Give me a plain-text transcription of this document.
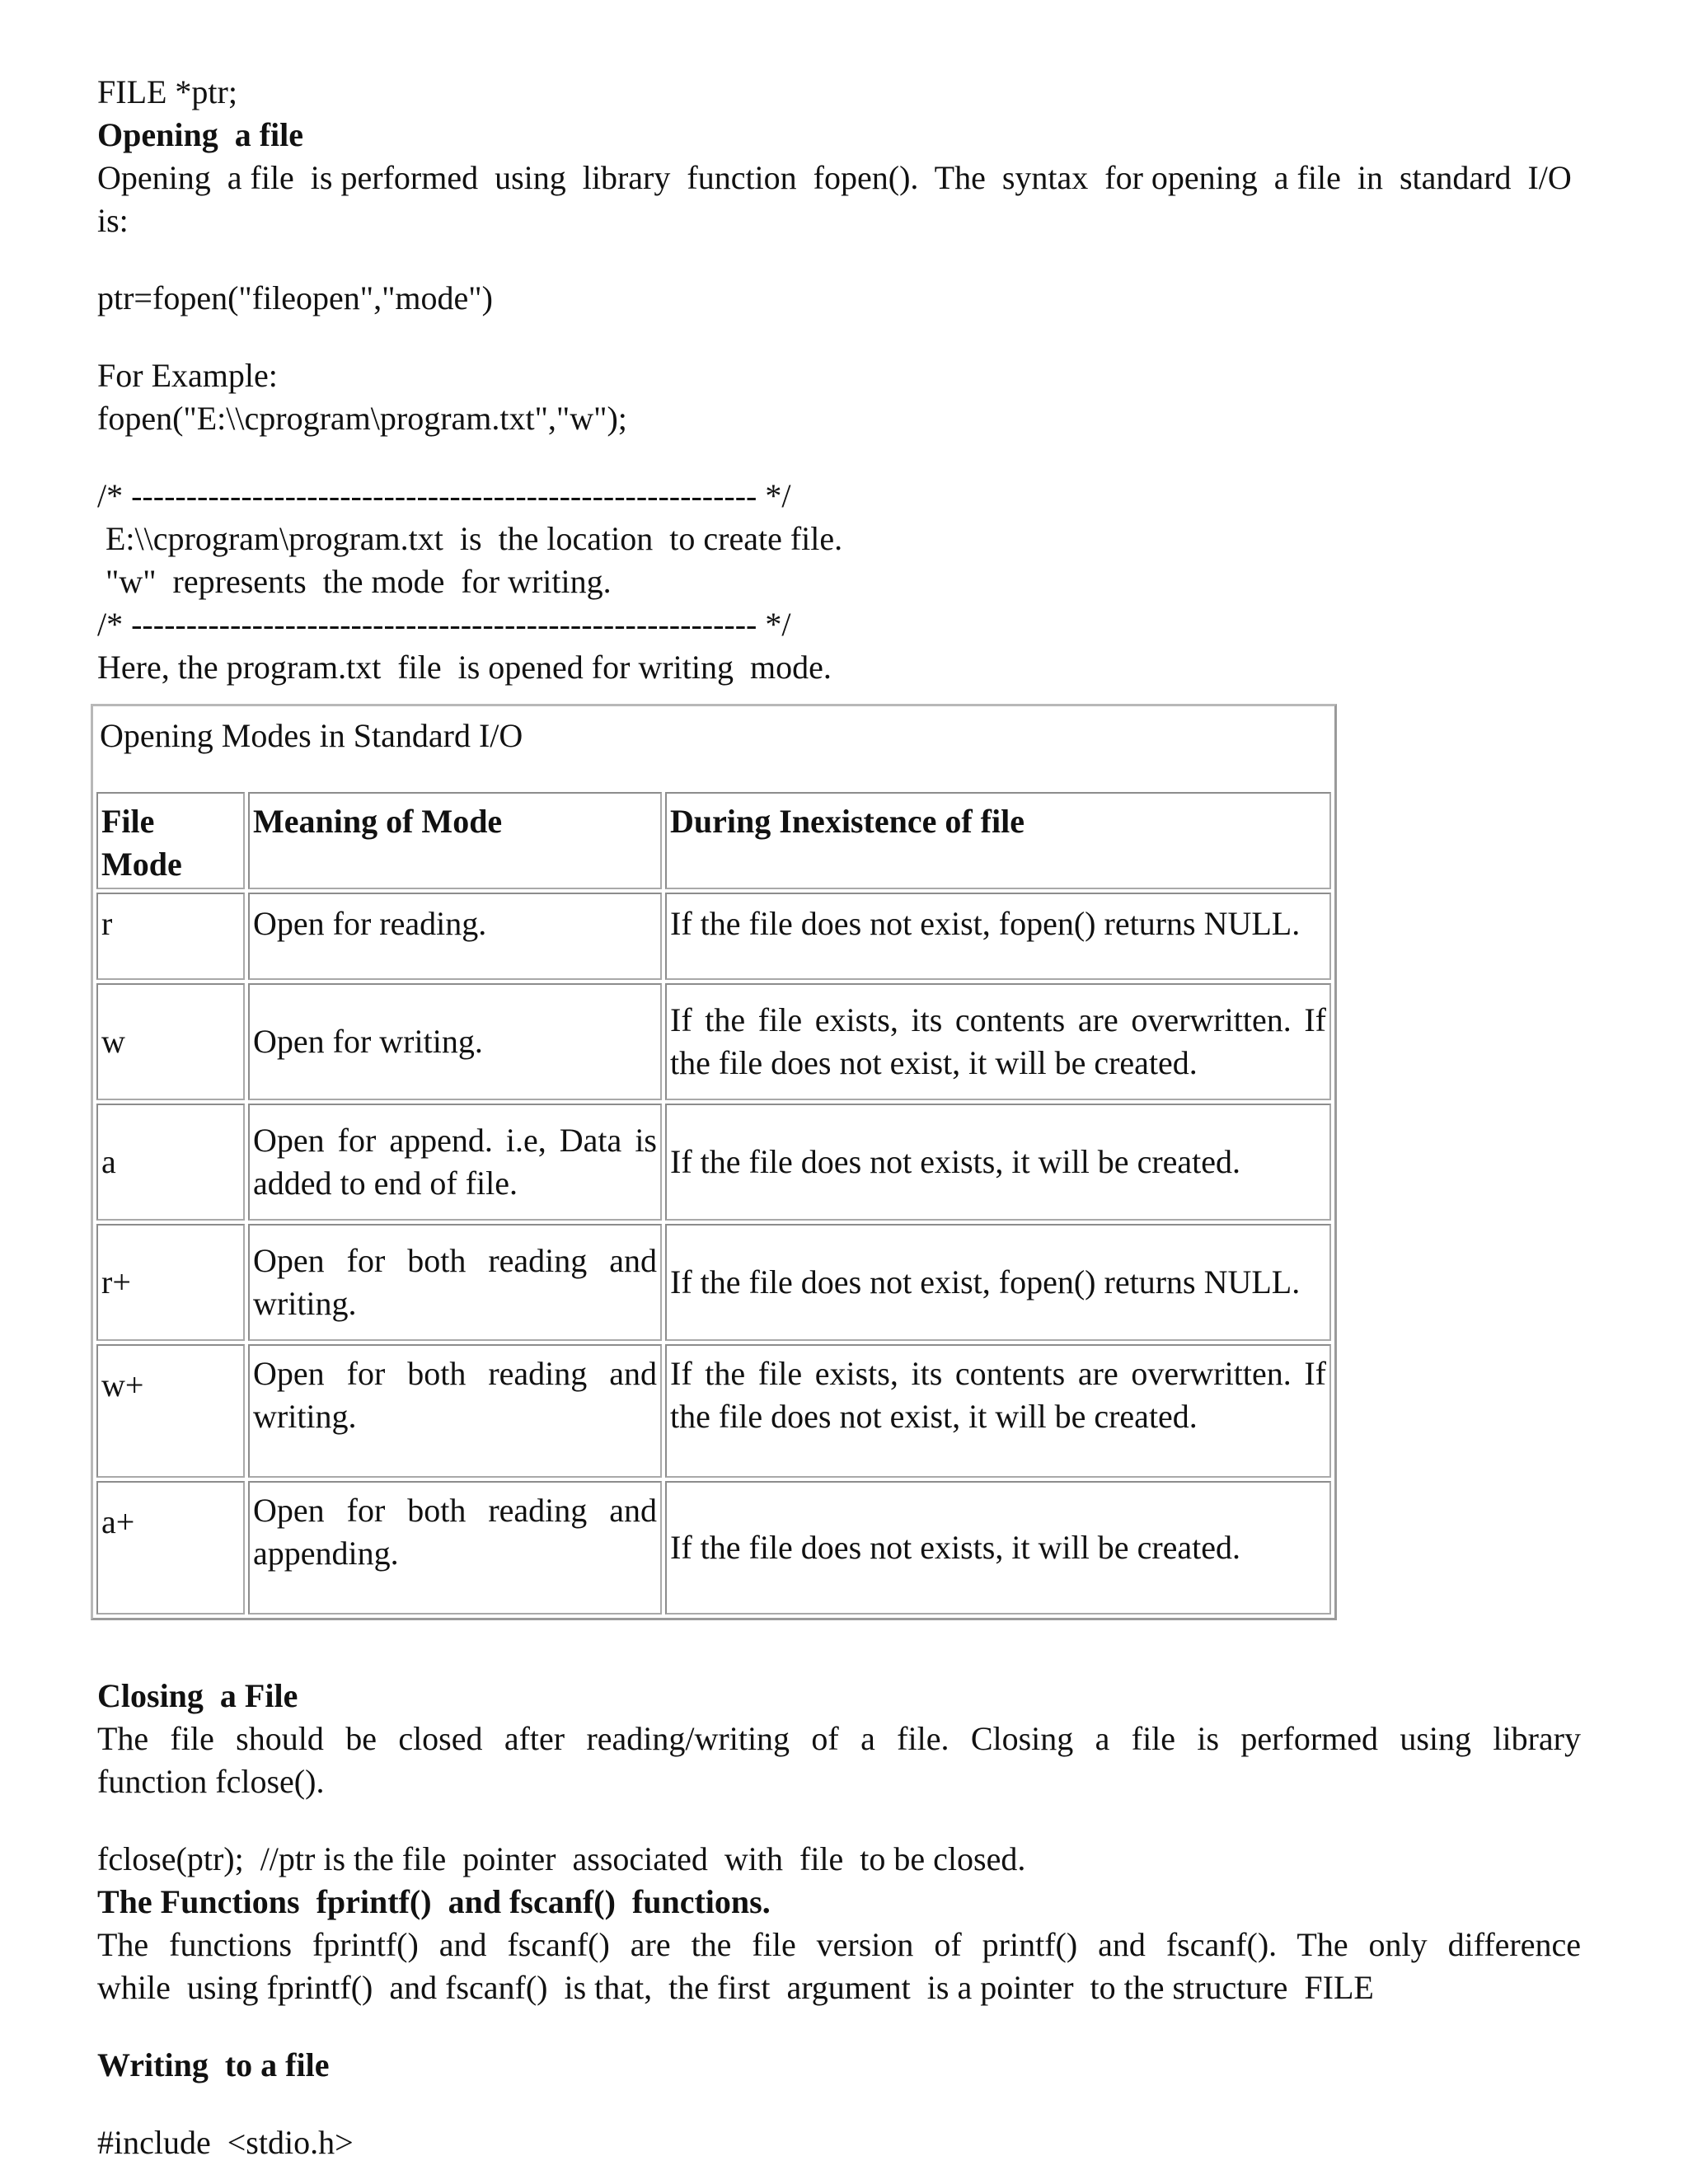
FILE *ptr;

Opening  a file

Opening  a file  is performed  using  library  function  fopen().  The  syntax  for opening  a file  in  standard  I/O is:

ptr=fopen("fileopen","mode")

For Example:

fopen("E:\\cprogram\program.txt","w");

/* --------------------------------------------------------- */

E:\\cprogram\program.txt  is  the location  to create file.

"w"  represents  the mode  for writing.

/* --------------------------------------------------------- */

Here, the program.txt  file  is opened for writing  mode.

Opening Modes in Standard I/O		
File Mode	Meaning of Mode	During Inexistence of file
r	Open for reading.	If the file does not exist, fopen() returns NULL.
w	Open for writing.	If the file exists, its contents are overwritten. If the file does not exist, it will be created.
a	Open for append. i.e, Data is added to end of file.	If the file does not exists, it will be created.
r+	Open for both reading and writing.	If the file does not exist, fopen() returns NULL.
w+	Open for both reading and writing.	If the file exists, its contents are overwritten. If the file does not exist, it will be created.
a+	Open for both reading and appending.	If the file does not exists, it will be created.

Closing  a File

The  file  should  be  closed  after  reading/writing  of  a  file.  Closing  a  file  is  performed  using  library  function fclose().

fclose(ptr);  //ptr is the file  pointer  associated  with  file  to be closed.

The Functions  fprintf()  and fscanf()  functions.

The  functions  fprintf()  and  fscanf()  are  the  file  version  of  printf()  and  fscanf().  The  only  difference  while  using fprintf()  and fscanf()  is that,  the first  argument  is a pointer  to the structure  FILE

Writing  to a file

#include  <stdio.h>
